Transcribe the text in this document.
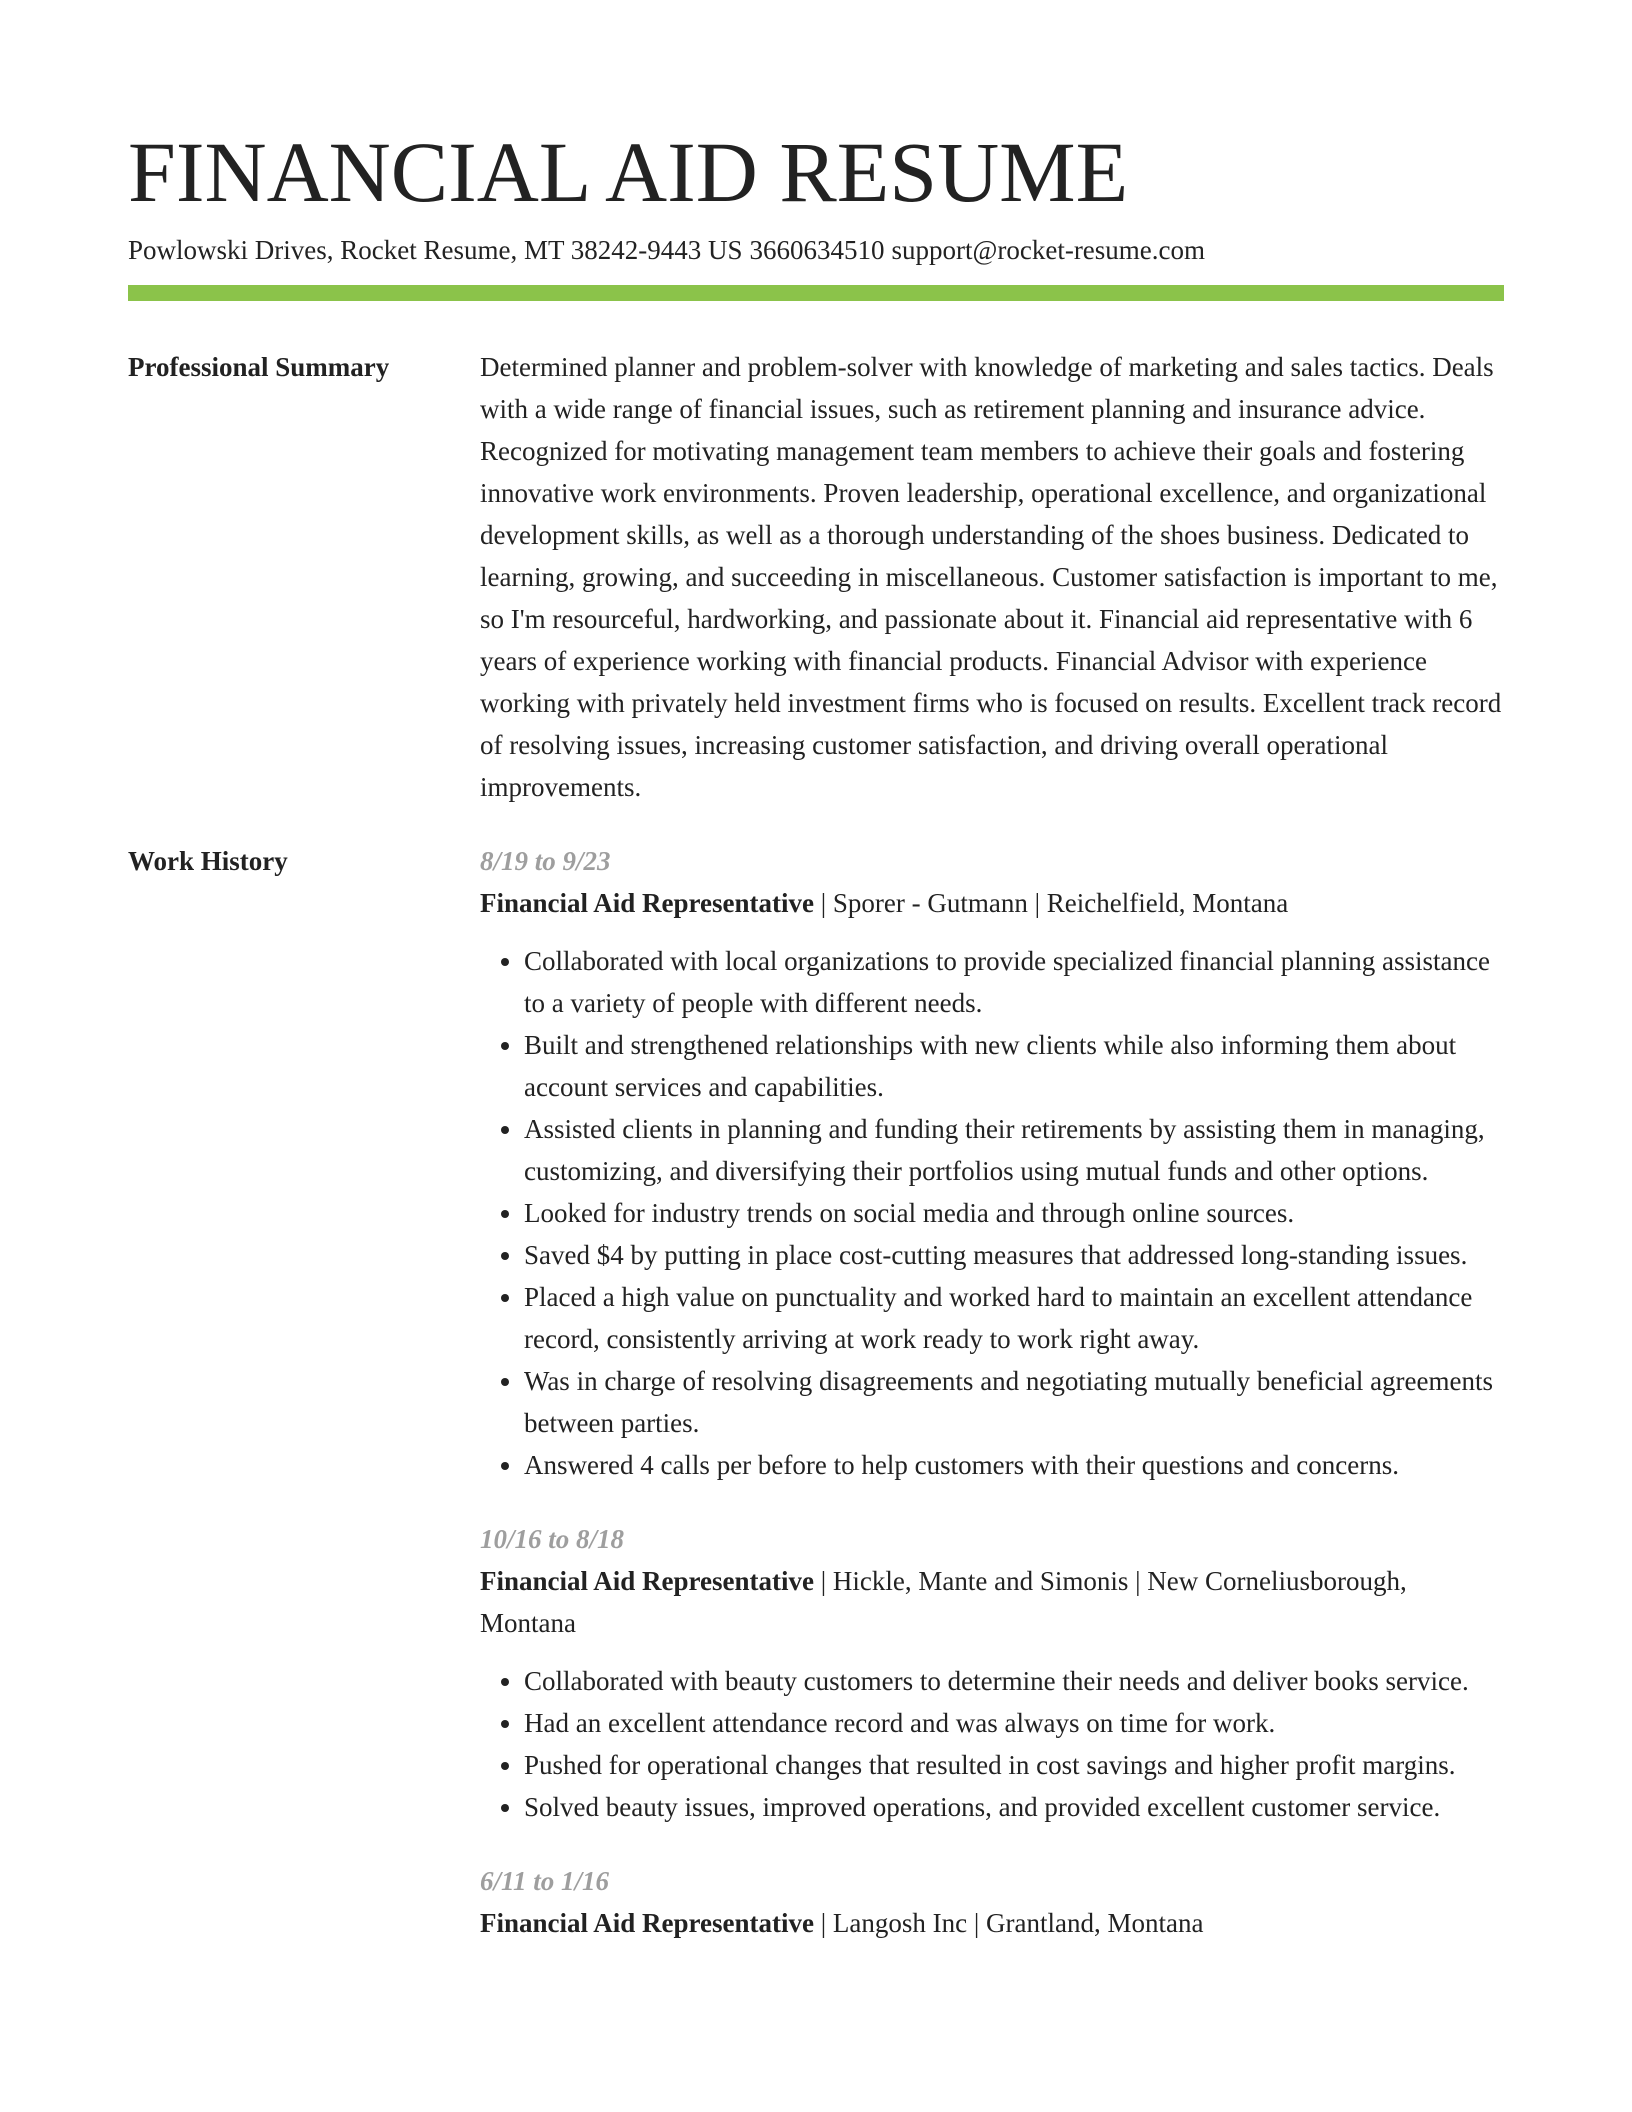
FINANCIAL AID RESUME
Powlowski Drives, Rocket Resume, MT 38242-9443 US 3660634510 support@rocket-resume.com
Professional Summary	Determined planner and problem-solver with knowledge of marketing and sales tactics. Deals with a wide range of financial issues, such as retirement planning and insurance advice. Recognized for motivating management team members to achieve their goals and fostering innovative work environments. Proven leadership, operational excellence, and organizational development skills, as well as a thorough understanding of the shoes business. Dedicated to learning, growing, and succeeding in miscellaneous. Customer satisfaction is important to me, so I'm resourceful, hardworking, and passionate about it. Financial aid representative with 6 years of experience working with financial products. Financial Advisor with experience working with privately held investment firms who is focused on results. Excellent track record of resolving issues, increasing customer satisfaction, and driving overall operational improvements.

Work History	8/19 to 9/23
Financial Aid Representative | Sporer - Gutmann | Reichelfield, Montana
• Collaborated with local organizations to provide specialized financial planning assistance to a variety of people with different needs.
• Built and strengthened relationships with new clients while also informing them about account services and capabilities.
• Assisted clients in planning and funding their retirements by assisting them in managing, customizing, and diversifying their portfolios using mutual funds and other options.
• Looked for industry trends on social media and through online sources.
• Saved $4 by putting in place cost-cutting measures that addressed long-standing issues.
• Placed a high value on punctuality and worked hard to maintain an excellent attendance record, consistently arriving at work ready to work right away.
• Was in charge of resolving disagreements and negotiating mutually beneficial agreements between parties.
• Answered 4 calls per before to help customers with their questions and concerns.
10/16 to 8/18
Financial Aid Representative | Hickle, Mante and Simonis | New Corneliusborough, Montana
• Collaborated with beauty customers to determine their needs and deliver books service.
• Had an excellent attendance record and was always on time for work.
• Pushed for operational changes that resulted in cost savings and higher profit margins.
• Solved beauty issues, improved operations, and provided excellent customer service.
6/11 to 1/16
Financial Aid Representative | Langosh Inc | Grantland, Montana
